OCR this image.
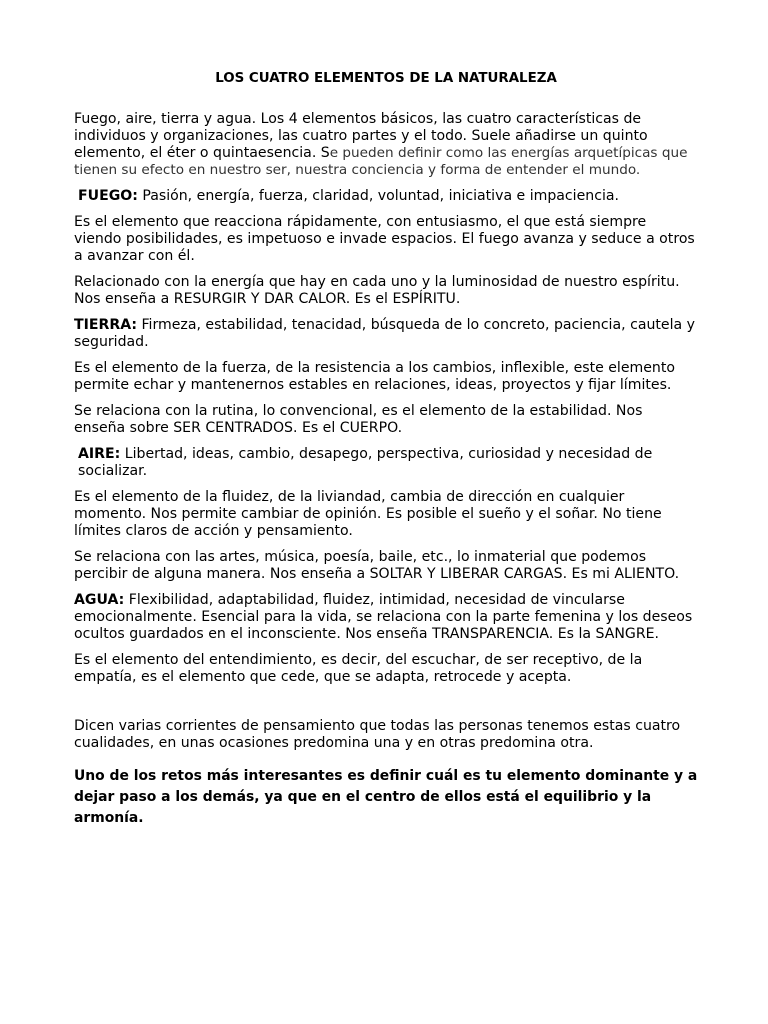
LOS CUATRO ELEMENTOS DE LA NATURALEZA

Fuego, aire, tierra y agua. Los 4 elementos básicos, las cuatro características de individuos y organizaciones, las cuatro partes y el todo. Suele añadirse un quinto elemento, el éter o quintaesencia. Se pueden definir como las energías arquetípicas que tienen su efecto en nuestro ser, nuestra conciencia y forma de entender el mundo.

FUEGO: Pasión, energía, fuerza, claridad, voluntad, iniciativa e impaciencia.

Es el elemento que reacciona rápidamente, con entusiasmo, el que está siempre viendo posibilidades, es impetuoso e invade espacios. El fuego avanza y seduce a otros a avanzar con él.

Relacionado con la energía que hay en cada uno y la luminosidad de nuestro espíritu. Nos enseña a RESURGIR Y DAR CALOR. Es el ESPÍRITU.

TIERRA: Firmeza, estabilidad, tenacidad, búsqueda de lo concreto, paciencia, cautela y seguridad.

Es el elemento de la fuerza, de la resistencia a los cambios, inflexible, este elemento permite echar y mantenernos estables en relaciones, ideas, proyectos y fijar límites.

Se relaciona con la rutina, lo convencional, es el elemento de la estabilidad. Nos enseña sobre SER CENTRADOS. Es el CUERPO.

AIRE: Libertad, ideas, cambio, desapego, perspectiva, curiosidad y necesidad de socializar.

Es el elemento de la fluidez, de la liviandad, cambia de dirección en cualquier momento. Nos permite cambiar de opinión. Es posible el sueño y el soñar. No tiene límites claros de acción y pensamiento.

Se relaciona con las artes, música, poesía, baile, etc., lo inmaterial que podemos percibir de alguna manera. Nos enseña a SOLTAR Y LIBERAR CARGAS. Es mi ALIENTO.

AGUA: Flexibilidad, adaptabilidad, fluidez, intimidad, necesidad de vincularse emocionalmente. Esencial para la vida, se relaciona con la parte femenina y los deseos ocultos guardados en el inconsciente. Nos enseña TRANSPARENCIA. Es la SANGRE.

Es el elemento del entendimiento, es decir, del escuchar, de ser receptivo, de la empatía, es el elemento que cede, que se adapta, retrocede y acepta.

Dicen varias corrientes de pensamiento que todas las personas tenemos estas cuatro cualidades, en unas ocasiones predomina una y en otras predomina otra.

Uno de los retos más interesantes es definir cuál es tu elemento dominante y a dejar paso a los demás, ya que en el centro de ellos está el equilibrio y la armonía.
